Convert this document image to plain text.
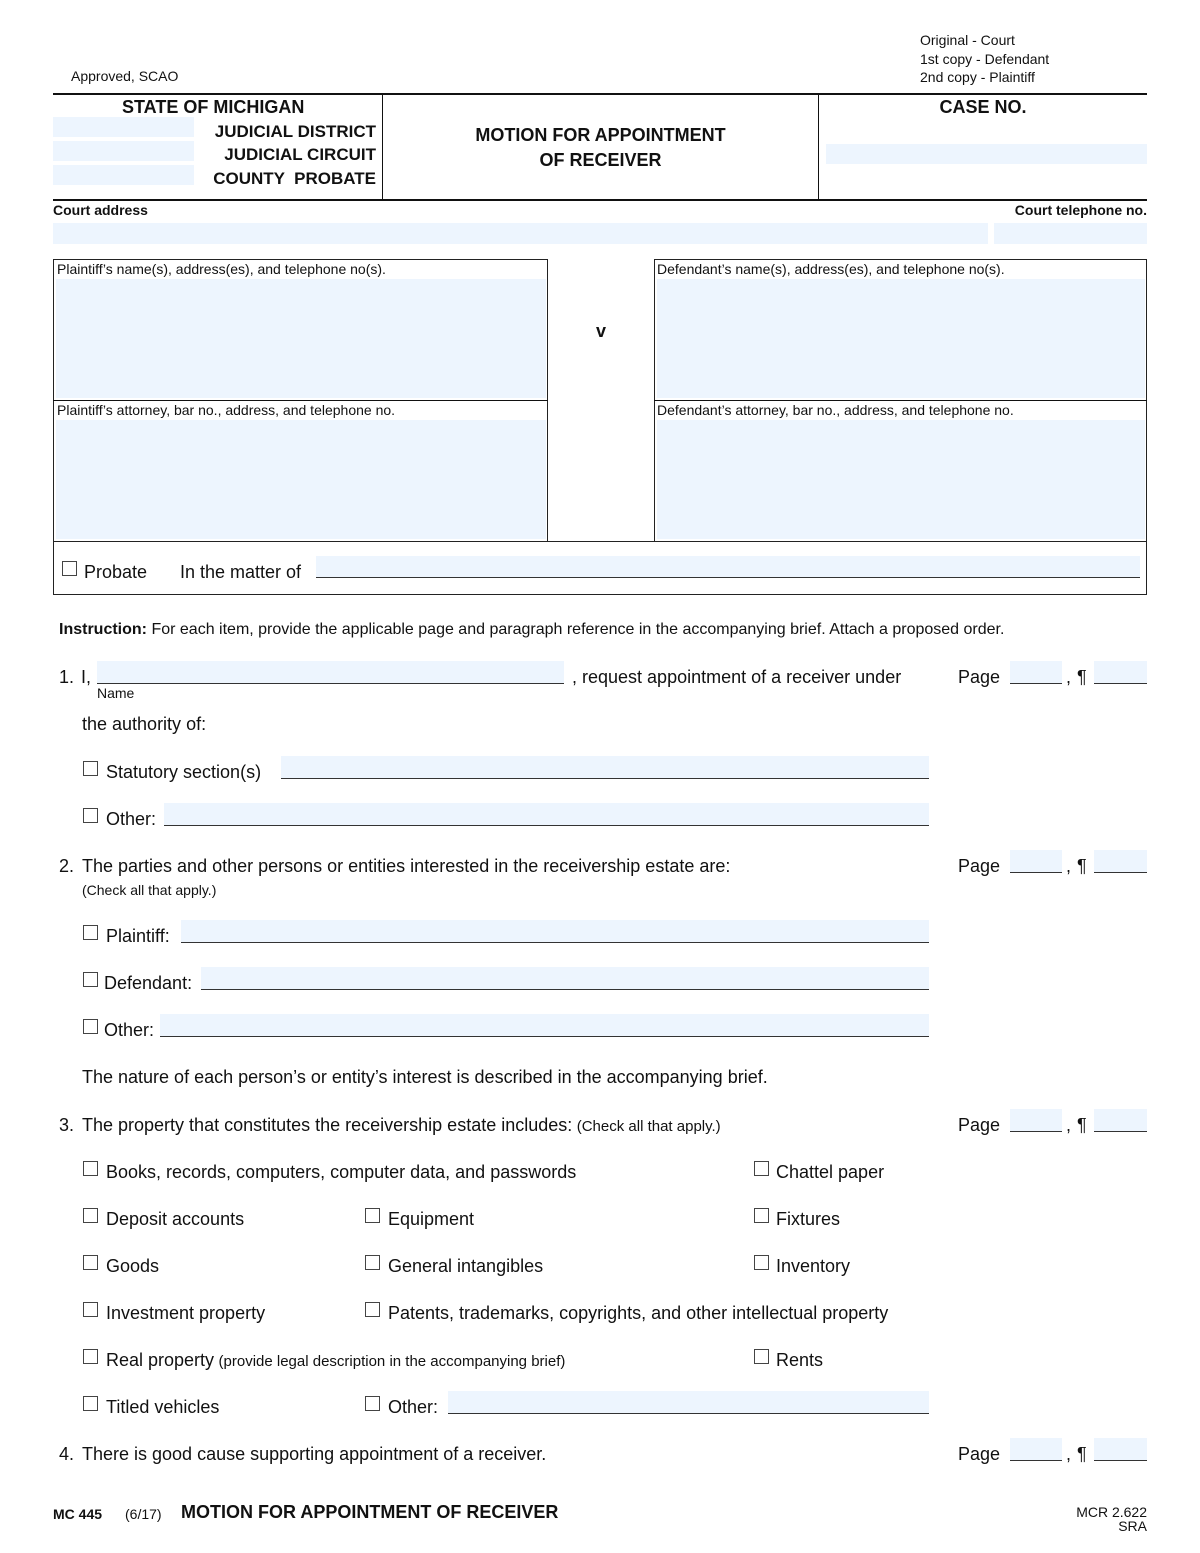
Approved, SCAO
Original - Court
1st copy - Defendant
2nd copy - Plaintiff
STATE OF MICHIGAN
JUDICIAL DISTRICT
JUDICIAL CIRCUIT
COUNTY  PROBATE
MOTION FOR APPOINTMENT
OF RECEIVER
CASE NO.
Court address	Court telephone no.
Plaintiff’s name(s), address(es), and telephone no(s).
Plaintiff’s attorney, bar no., address, and telephone no.
v
Defendant’s name(s), address(es), and telephone no(s).
Defendant’s attorney, bar no., address, and telephone no.
Probate In the matter of
Instruction: For each item, provide the applicable page and paragraph reference in the accompanying brief. Attach a proposed order.
1. I,
Name
, request appointment of a receiver under
the authority of:
Statutory section(s)
Other:
Page	, ¶
2. The parties and other persons or entities interested in the receivership estate are:
(Check all that apply.)
Page	, ¶
Plaintiff:
Defendant:
Other:
The nature of each person’s or entity’s interest is described in the accompanying brief.
3. The property that constitutes the receivership estate includes: (Check all that apply.)	Page	, ¶
Books, records, computers, computer data, and passwords	Chattel paper
Deposit accounts	Equipment	Fixtures
Goods	General intangibles	Inventory
Investment property	Patents, trademarks, copyrights, and other intellectual property
Real property (provide legal description in the accompanying brief)	Rents
Titled vehicles	Other:
4. There is good cause supporting appointment of a receiver.	Page	, ¶
MC 445 (6/17) MOTION FOR APPOINTMENT OF RECEIVER	MCR 2.622
SRA
